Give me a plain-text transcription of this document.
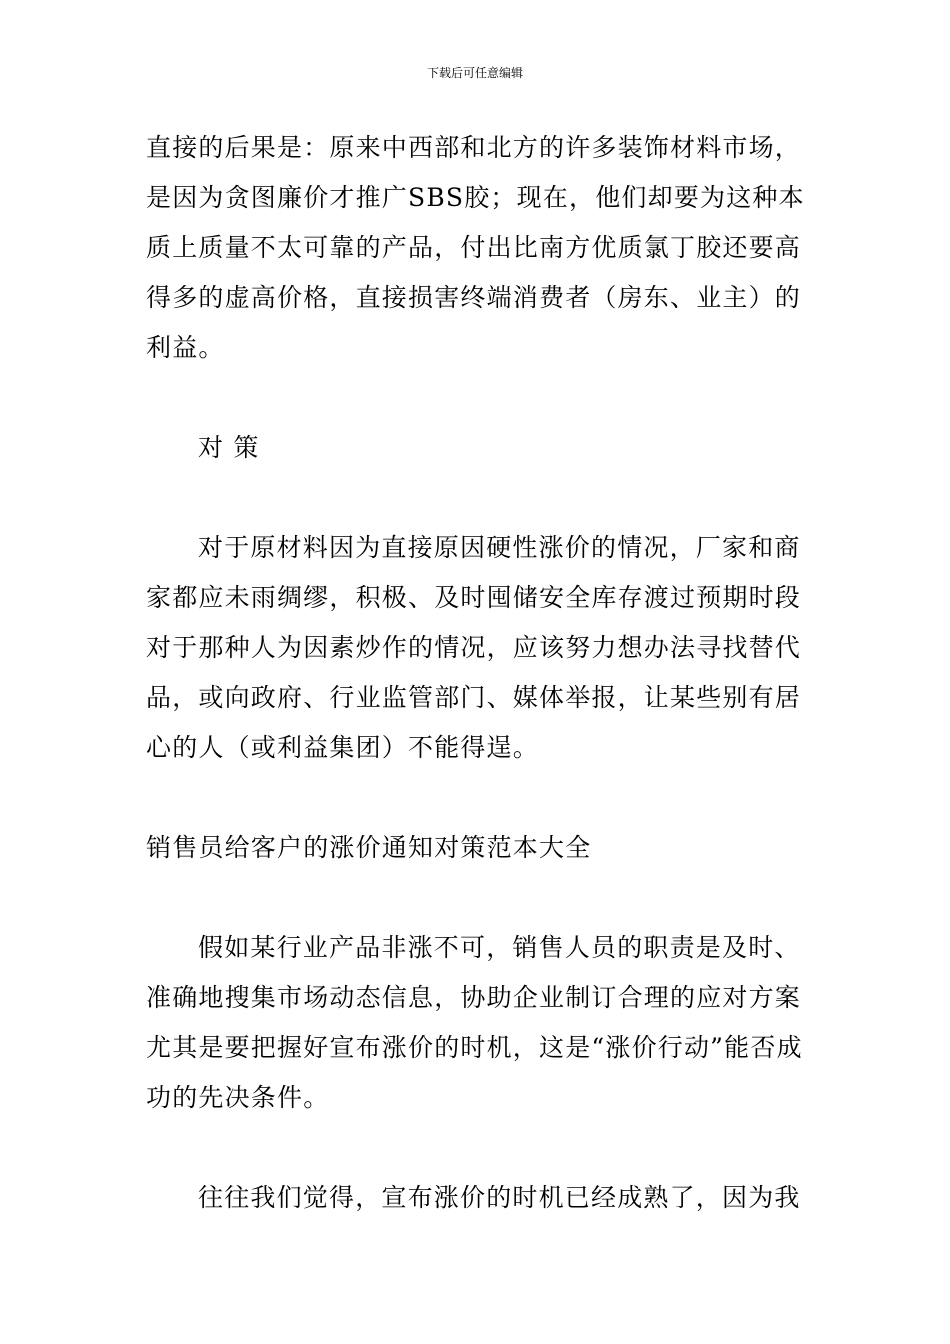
下载后可任意编辑

直接的后果是：原来中西部和北方的许多装饰材料市场，是因为贪图廉价才推广SBS胶；现在，他们却要为这种本质上质量不太可靠的产品，付出比南方优质氯丁胶还要高得多的虚高价格，直接损害终端消费者（房东、业主）的利益。

对 策

对于原材料因为直接原因硬性涨价的情况，厂家和商家都应未雨绸缪，积极、及时囤储安全库存渡过预期时段对于那种人为因素炒作的情况，应该努力想办法寻找替代品，或向政府、行业监管部门、媒体举报，让某些别有居心的人（或利益集团）不能得逞。

销售员给客户的涨价通知对策范本大全

假如某行业产品非涨不可，销售人员的职责是及时、准确地搜集市场动态信息，协助企业制订合理的应对方案尤其是要把握好宣布涨价的时机，这是“涨价行动”能否成功的先决条件。

往往我们觉得，宣布涨价的时机已经成熟了，因为我
